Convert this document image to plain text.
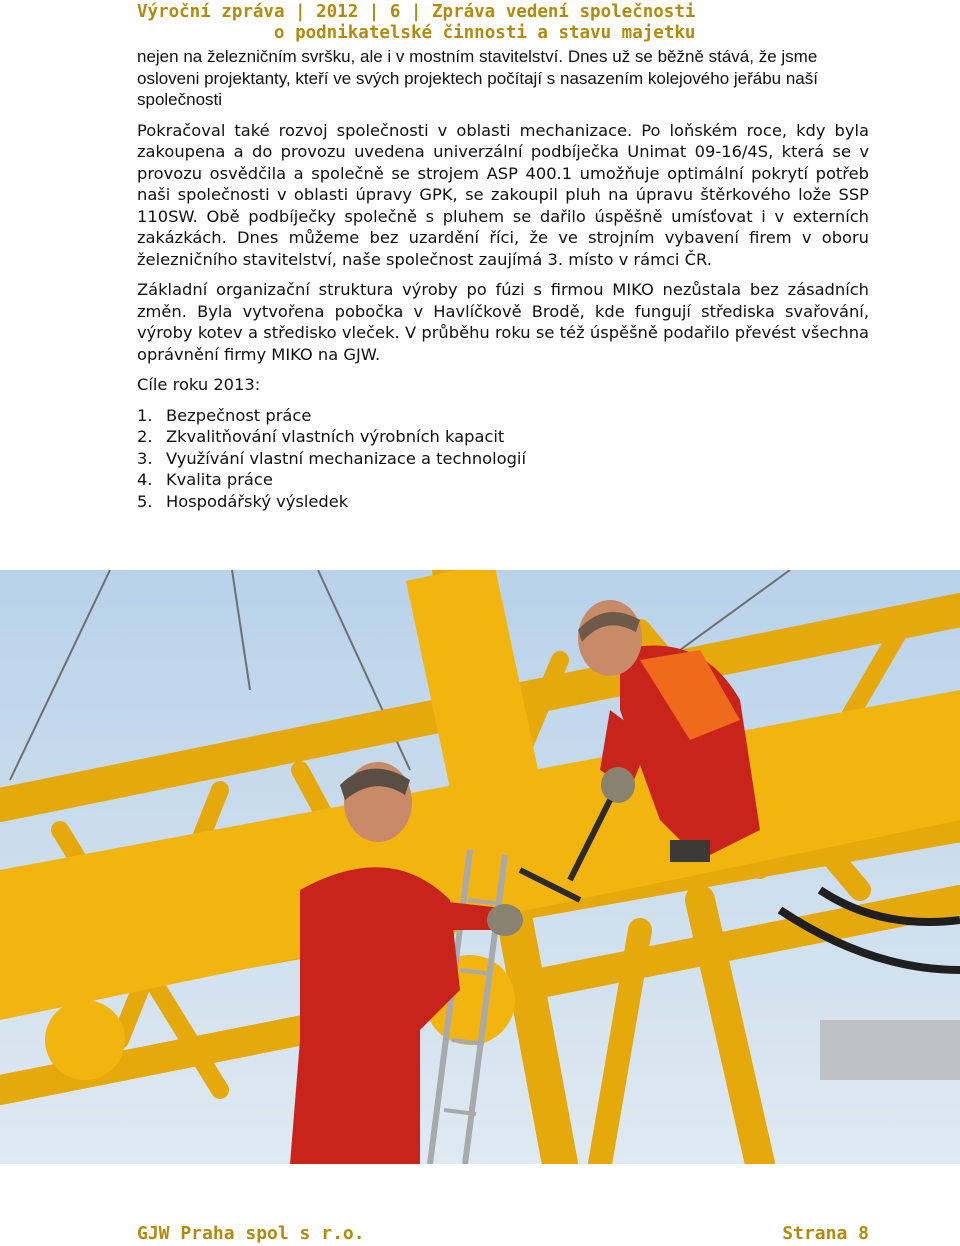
Výroční zpráva | 2012 | 6 | Zpráva vedení společnosti
o podnikatelské činnosti a stavu majetku

nejen na železničním svršku, ale i v mostním stavitelství. Dnes už se běžně stává, že jsme osloveni projektanty, kteří ve svých projektech počítají s nasazením kolejového jeřábu naší společnosti

Pokračoval také rozvoj společnosti v oblasti mechanizace. Po loňském roce, kdy byla zakoupena a do provozu uvedena univerzální podbíječka Unimat 09-16/4S, která se v provozu osvědčila a společně se strojem ASP 400.1 umožňuje optimální pokrytí potřeb naši společnosti v oblasti úpravy GPK, se zakoupil pluh na úpravu štěrkového lože SSP 110SW. Obě podbíječky společně s pluhem se dařilo úspěšně umísťovat i v externích zakázkách. Dnes můžeme bez uzardění říci, že ve strojním vybavení firem v oboru železničního stavitelství, naše společnost zaujímá 3. místo v rámci ČR.

Základní organizační struktura výroby po fúzi s firmou MIKO nezůstala bez zásadních změn. Byla vytvořena pobočka v Havlíčkově Brodě, kde fungují střediska svařování, výroby kotev a středisko vleček. V průběhu roku se též úspěšně podařilo převést všechna oprávnění firmy MIKO na GJW.

Cíle roku 2013:

1. Bezpečnost práce
2. Zkvalitňování vlastních výrobních kapacit
3. Využívání vlastní mechanizace a technologií
4. Kvalita práce
5. Hospodářský výsledek
GJW Praha spol s r.o.	Strana 8
